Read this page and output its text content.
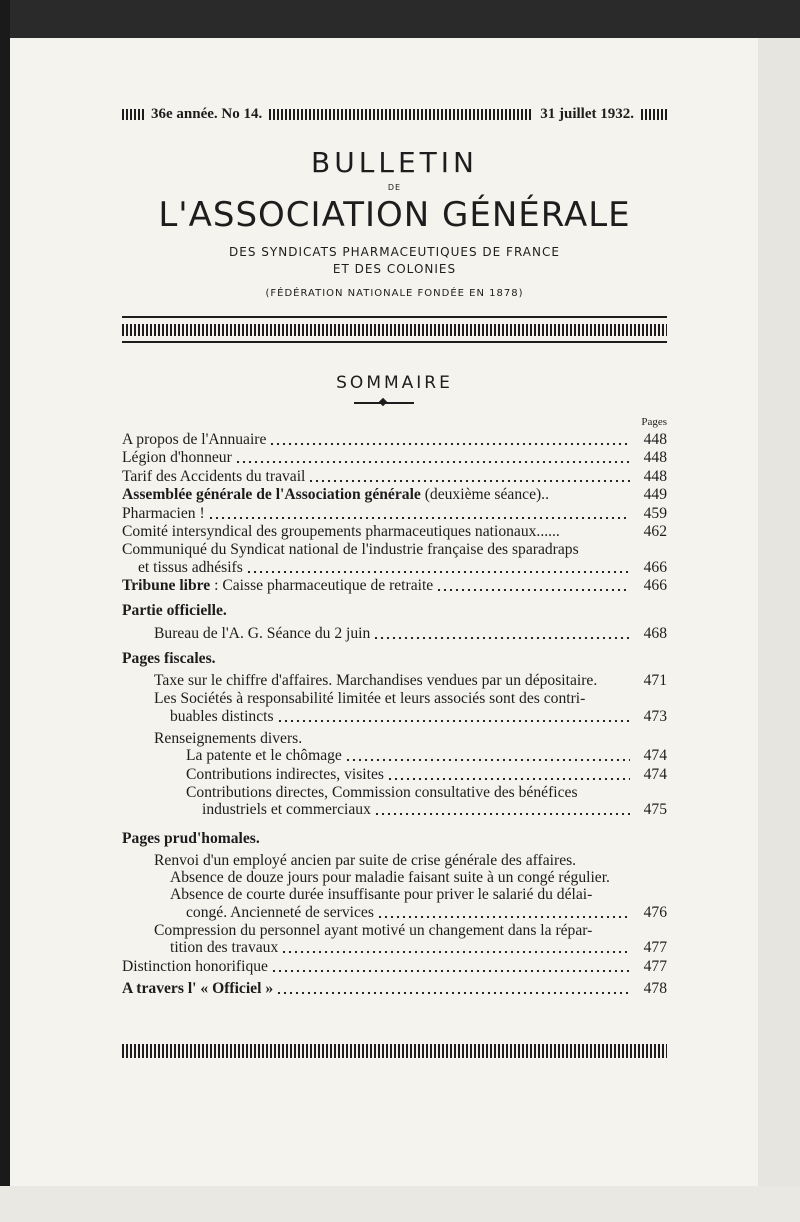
36e année. No 14.	31 juillet 1932.
BULLETIN
DE
L'ASSOCIATION GÉNÉRALE
DES SYNDICATS PHARMACEUTIQUES DE FRANCE
ET DES COLONIES
(FÉDÉRATION NATIONALE FONDÉE EN 1878)
SOMMAIRE
Pages
A propos de l'Annuaire	448
Légion d'honneur	448
Tarif des Accidents du travail	448
Assemblée générale de l'Association générale (deuxième séance)..	449
Pharmacien !	459
Comité intersyndical des groupements pharmaceutiques nationaux......	462
Communiqué du Syndicat national de l'industrie française des sparadraps
et tissus adhésifs	466
Tribune libre : Caisse pharmaceutique de retraite	466
Partie officielle.
Bureau de l'A. G. Séance du 2 juin	468
Pages fiscales.
Taxe sur le chiffre d'affaires. Marchandises vendues par un dépositaire.	471
Les Sociétés à responsabilité limitée et leurs associés sont des contri-
buables distincts	473
Renseignements divers.
La patente et le chômage	474
Contributions indirectes, visites	474
Contributions directes, Commission consultative des bénéfices
industriels et commerciaux	475
Pages prud'homales.
Renvoi d'un employé ancien par suite de crise générale des affaires.
Absence de douze jours pour maladie faisant suite à un congé régulier.
Absence de courte durée insuffisante pour priver le salarié du délai-
congé. Ancienneté de services	476
Compression du personnel ayant motivé un changement dans la répar-
tition des travaux	477
Distinction honorifique	477
A travers l' « Officiel »	478
